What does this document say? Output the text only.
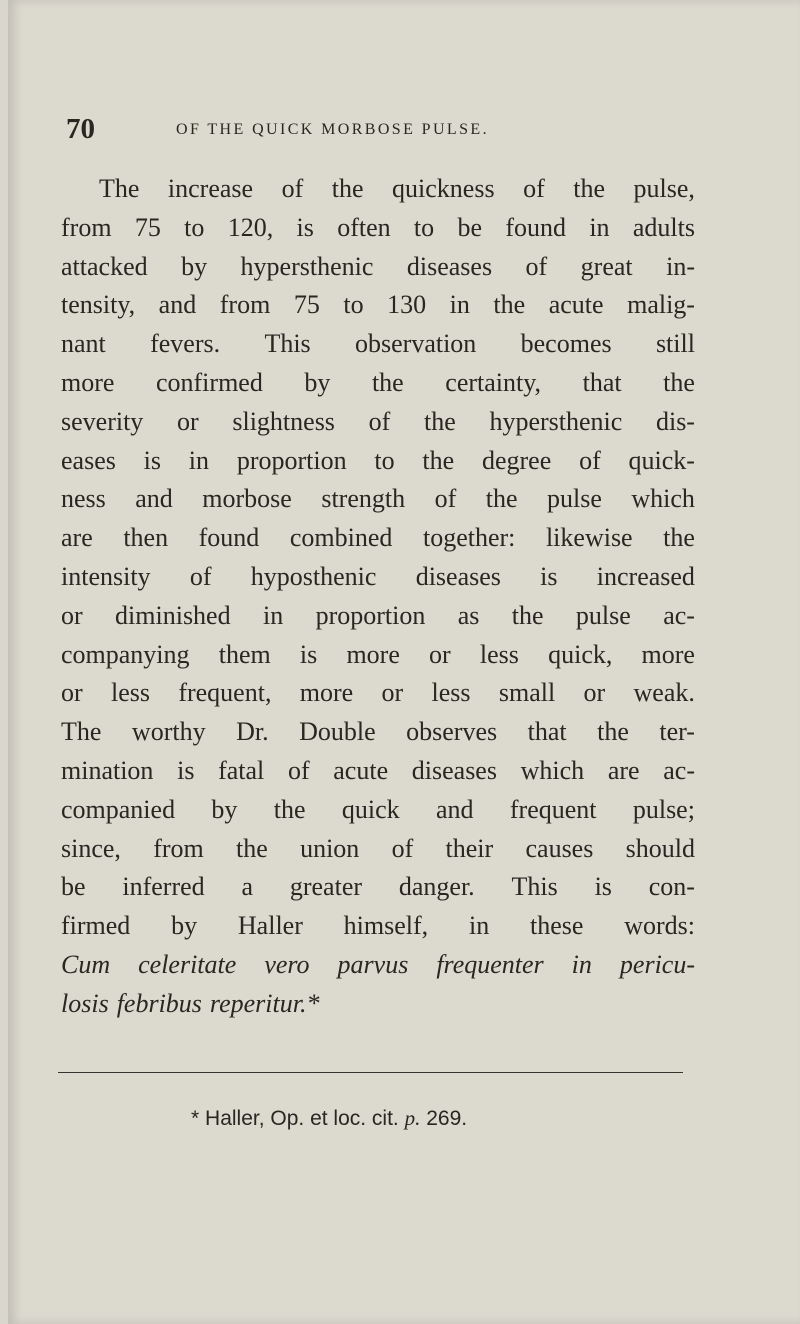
70	OF THE QUICK MORBOSE PULSE.
The increase of the quickness of the pulse,
from 75 to 120, is often to be found in adults
attacked by hypersthenic diseases of great in-
tensity, and from 75 to 130 in the acute malig-
nant fevers. This observation becomes still
more confirmed by the certainty, that the
severity or slightness of the hypersthenic dis-
eases is in proportion to the degree of quick-
ness and morbose strength of the pulse which
are then found combined together: likewise the
intensity of hyposthenic diseases is increased
or diminished in proportion as the pulse ac-
companying them is more or less quick, more
or less frequent, more or less small or weak.
The worthy Dr. Double observes that the ter-
mination is fatal of acute diseases which are ac-
companied by the quick and frequent pulse;
since, from the union of their causes should
be inferred a greater danger. This is con-
firmed by Haller himself, in these words:
Cum celeritate vero parvus frequenter in pericu-
losis febribus reperitur.*
* Haller, Op. et loc. cit. p. 269.
